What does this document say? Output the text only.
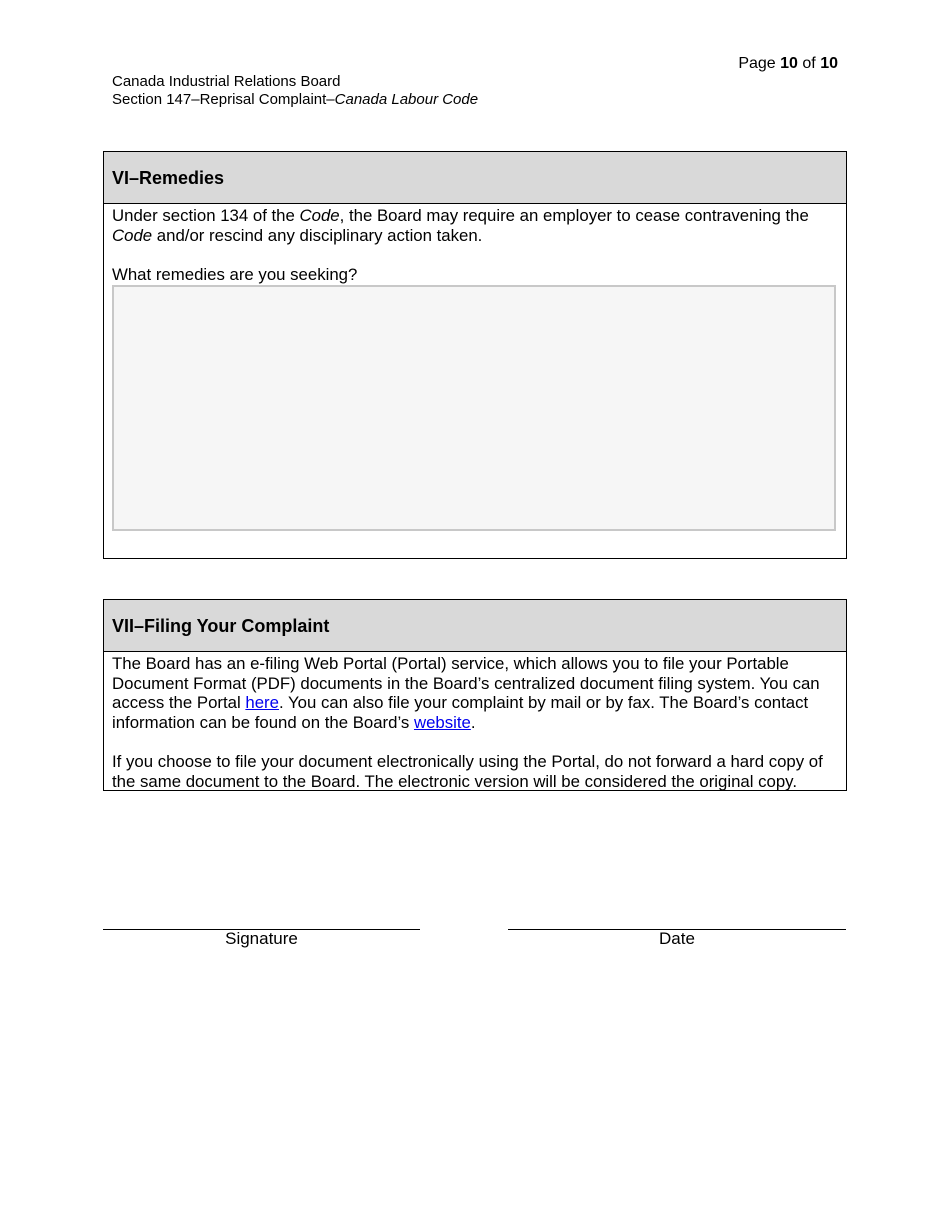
Page 10 of 10
Canada Industrial Relations Board
Section 147–Reprisal Complaint–Canada Labour Code
VI–Remedies

Under section 134 of the Code, the Board may require an employer to cease contravening the Code and/or rescind any disciplinary action taken.

What remedies are you seeking?

VII–Filing Your Complaint

The Board has an e-filing Web Portal (Portal) service, which allows you to file your Portable Document Format (PDF) documents in the Board’s centralized document filing system. You can access the Portal here. You can also file your complaint by mail or by fax. The Board’s contact information can be found on the Board’s website.

If you choose to file your document electronically using the Portal, do not forward a hard copy of the same document to the Board. The electronic version will be considered the original copy.

Signature	Date
